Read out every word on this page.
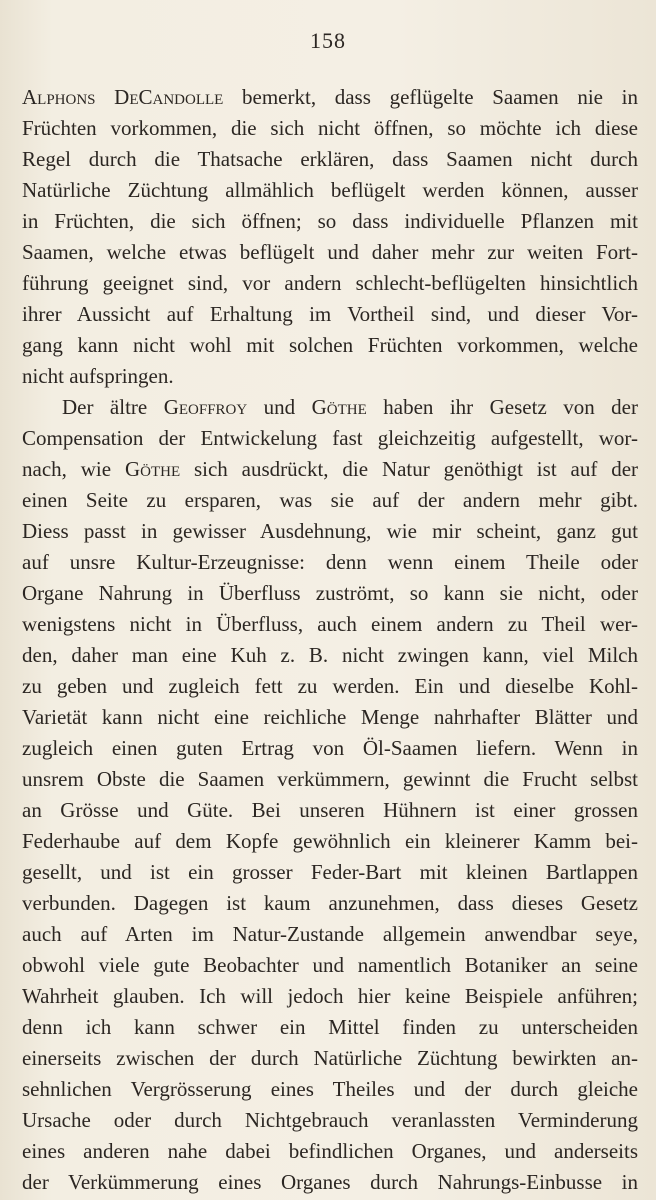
158
Alphons DeCandolle bemerkt, dass geflügelte Saamen nie in
Früchten vorkommen, die sich nicht öffnen, so möchte ich diese
Regel durch die Thatsache erklären, dass Saamen nicht durch
Natürliche Züchtung allmählich beflügelt werden können, ausser
in Früchten, die sich öffnen; so dass individuelle Pflanzen mit
Saamen, welche etwas beflügelt und daher mehr zur weiten Fort-
führung geeignet sind, vor andern schlecht-beflügelten hinsichtlich
ihrer Aussicht auf Erhaltung im Vortheil sind, und dieser Vor-
gang kann nicht wohl mit solchen Früchten vorkommen, welche
nicht aufspringen.
Der ältre Geoffroy und Göthe haben ihr Gesetz von der
Compensation der Entwickelung fast gleichzeitig aufgestellt, wor-
nach, wie Göthe sich ausdrückt, die Natur genöthigt ist auf der
einen Seite zu ersparen, was sie auf der andern mehr gibt.
Diess passt in gewisser Ausdehnung, wie mir scheint, ganz gut
auf unsre Kultur-Erzeugnisse: denn wenn einem Theile oder
Organe Nahrung in Überfluss zuströmt, so kann sie nicht, oder
wenigstens nicht in Überfluss, auch einem andern zu Theil wer-
den, daher man eine Kuh z. B. nicht zwingen kann, viel Milch
zu geben und zugleich fett zu werden. Ein und dieselbe Kohl-
Varietät kann nicht eine reichliche Menge nahrhafter Blätter und
zugleich einen guten Ertrag von Öl-Saamen liefern. Wenn in
unsrem Obste die Saamen verkümmern, gewinnt die Frucht selbst
an Grösse und Güte. Bei unseren Hühnern ist einer grossen
Federhaube auf dem Kopfe gewöhnlich ein kleinerer Kamm bei-
gesellt, und ist ein grosser Feder-Bart mit kleinen Bartlappen
verbunden. Dagegen ist kaum anzunehmen, dass dieses Gesetz
auch auf Arten im Natur-Zustande allgemein anwendbar seye,
obwohl viele gute Beobachter und namentlich Botaniker an seine
Wahrheit glauben. Ich will jedoch hier keine Beispiele anführen;
denn ich kann schwer ein Mittel finden zu unterscheiden
einerseits zwischen der durch Natürliche Züchtung bewirkten an-
sehnlichen Vergrösserung eines Theiles und der durch gleiche
Ursache oder durch Nichtgebrauch veranlassten Verminderung
eines anderen nahe dabei befindlichen Organes, und anderseits
der Verkümmerung eines Organes durch Nahrungs-Einbusse in
